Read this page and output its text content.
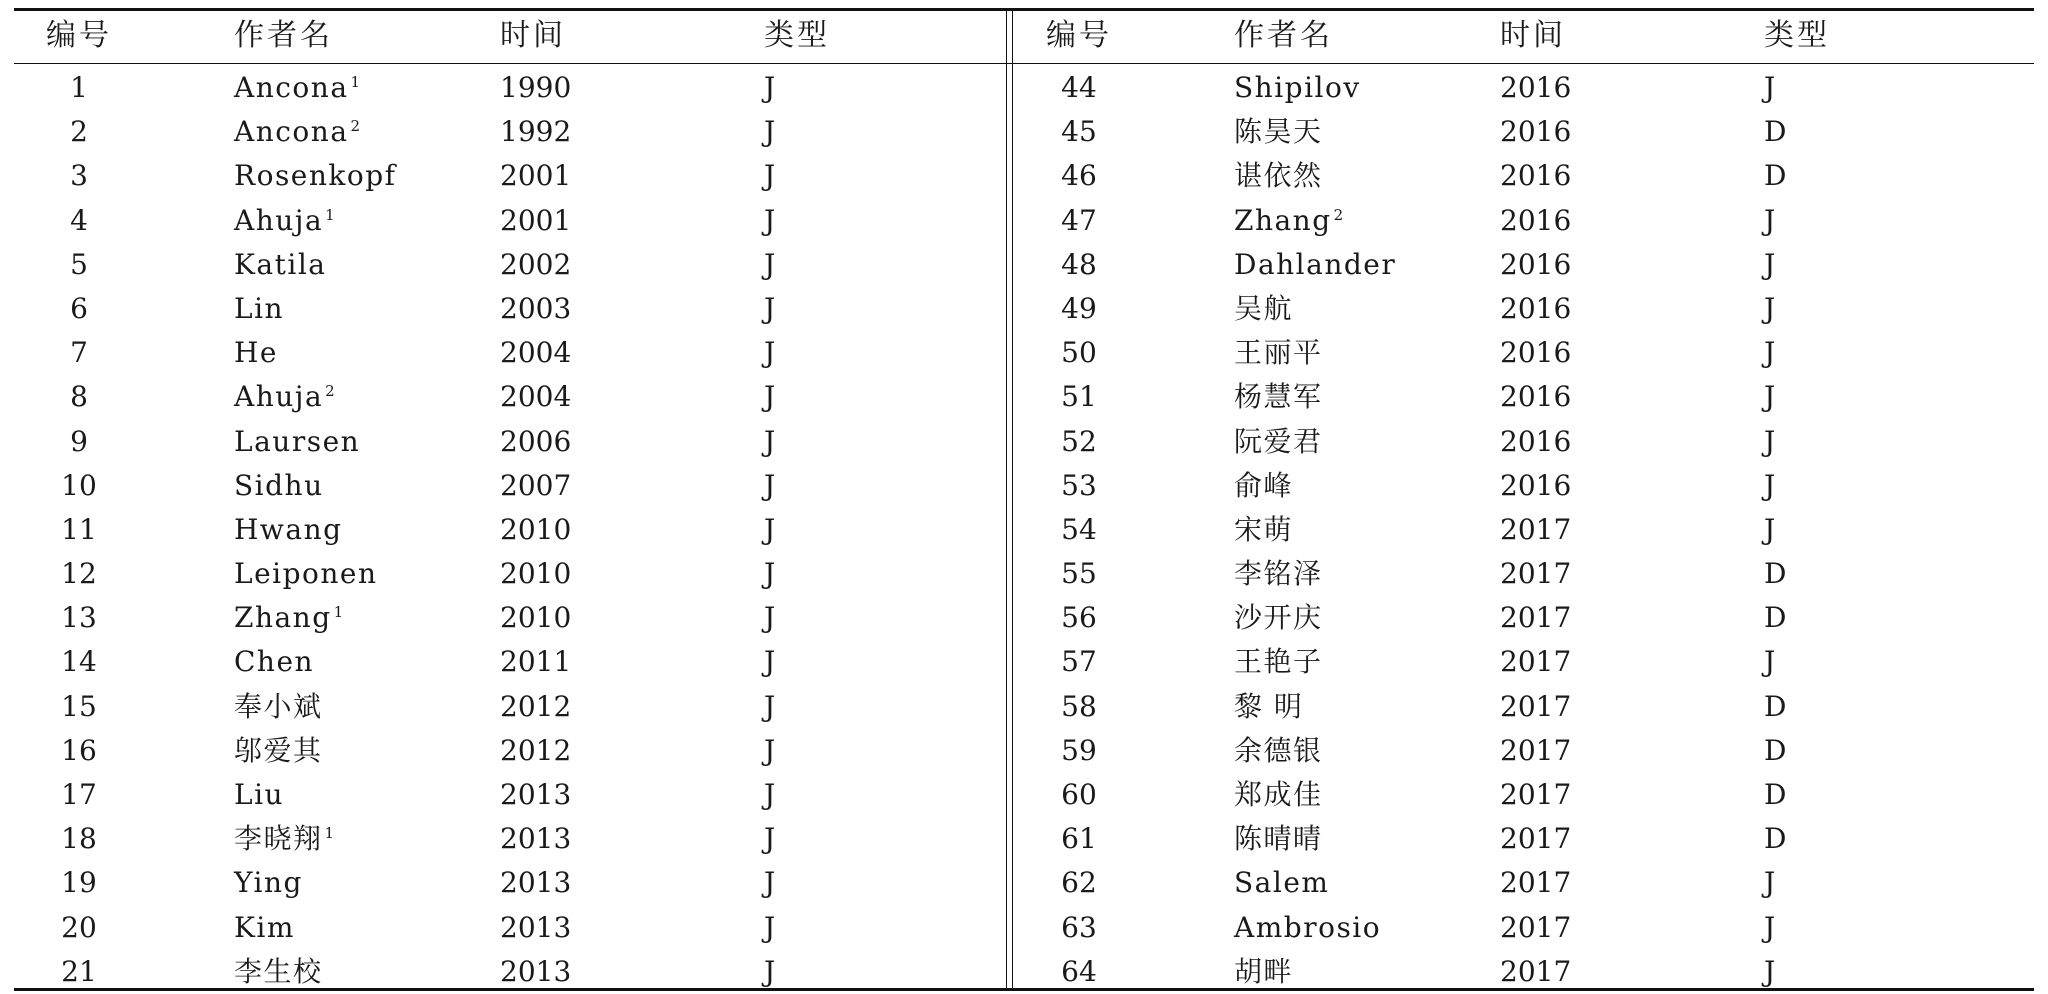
编号	作者名	时间	类型
1	Ancona $^1$	1990	J
2	Ancona $^2$	1992	J
3	Rosenkopf	2001	J
4	Ahuja $^1$	2001	J
5	Katila	2002	J
6	Lin	2003	J
7	He	2004	J
8	Ahuja $^2$	2004	J
9	Laursen	2006	J
10	Sidhu	2007	J
11	Hwang	2010	J
12	Leiponen	2010	J
13	Zhang $^1$	2010	J
14	Chen	2011	J
15	奉小斌	2012	J
16	邬爱其	2012	J
17	Liu	2013	J
18	李晓翔 $^1$	2013	J
19	Ying	2013	J
20	Kim	2013	J
21	李生校	2013	J
编号	作者名	时间	类型
44	Shipilov	2016	J
45	陈昊天	2016	D
46	谌依然	2016	D
47	Zhang $^2$	2016	J
48	Dahlander	2016	J
49	吴航	2016	J
50	王丽平	2016	J
51	杨慧军	2016	J
52	阮爱君	2016	J
53	俞峰	2016	J
54	宋萌	2017	J
55	李铭泽	2017	D
56	沙开庆	2017	D
57	王艳子	2017	J
58	黎 明	2017	D
59	余德银	2017	D
60	郑成佳	2017	D
61	陈晴晴	2017	D
62	Salem	2017	J
63	Ambrosio	2017	J
64	胡畔	2017	J
